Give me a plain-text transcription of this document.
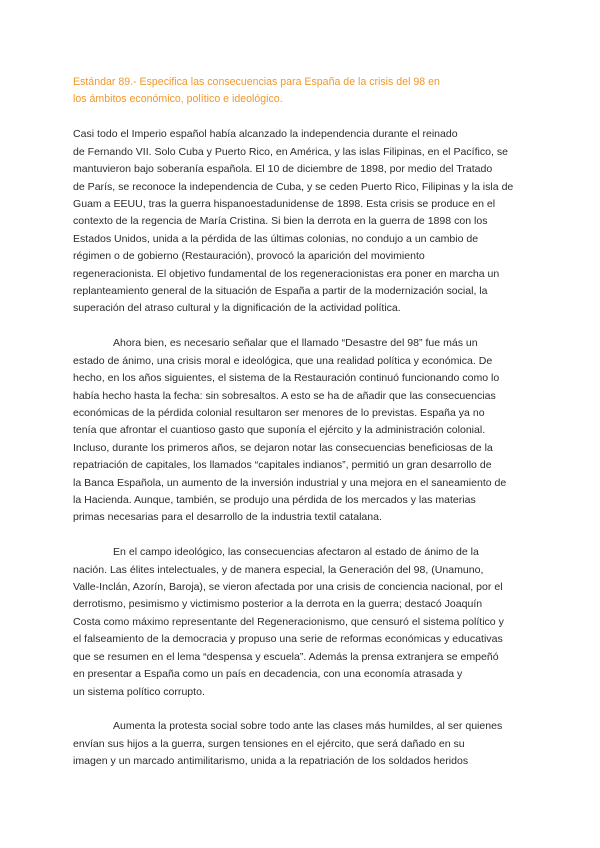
Estándar 89.- Especifica las consecuencias para España de la crisis del 98 en
los ámbitos económico, político e ideológico.
Casi todo el Imperio español había alcanzado la independencia durante el reinado
de Fernando VII. Solo Cuba y Puerto Rico, en América, y las islas Filipinas, en el Pacífico, se
mantuvieron bajo soberanía española. El 10 de diciembre de 1898, por medio del Tratado
de París, se reconoce la independencia de Cuba, y se ceden Puerto Rico, Filipinas y la isla de
Guam a EEUU, tras la guerra hispanoestadunidense de 1898. Esta crisis se produce en el
contexto de la regencia de María Cristina. Si bien la derrota en la guerra de 1898 con los
Estados Unidos, unida a la pérdida de las últimas colonias, no condujo a un cambio de
régimen o de gobierno (Restauración), provocó la aparición del movimiento
regeneracionista. El objetivo fundamental de los regeneracionistas era poner en marcha un
replanteamiento general de la situación de España a partir de la modernización social, la
superación del atraso cultural y la dignificación de la actividad política.
Ahora bien, es necesario señalar que el llamado “Desastre del 98” fue más un
estado de ánimo, una crisis moral e ideológica, que una realidad política y económica. De
hecho, en los años siguientes, el sistema de la Restauración continuó funcionando como lo
había hecho hasta la fecha: sin sobresaltos. A esto se ha de añadir que las consecuencias
económicas de la pérdida colonial resultaron ser menores de lo previstas. España ya no
tenía que afrontar el cuantioso gasto que suponía el ejército y la administración colonial.
Incluso, durante los primeros años, se dejaron notar las consecuencias beneficiosas de la
repatriación de capitales, los llamados “capitales indianos”, permitió un gran desarrollo de
la Banca Española, un aumento de la inversión industrial y una mejora en el saneamiento de
la Hacienda. Aunque, también, se produjo una pérdida de los mercados y las materias
primas necesarias para el desarrollo de la industria textil catalana.
En el campo ideológico, las consecuencias afectaron al estado de ánimo de la
nación. Las élites intelectuales, y de manera especial, la Generación del 98, (Unamuno,
Valle-Inclán, Azorín, Baroja), se vieron afectada por una crisis de conciencia nacional, por el
derrotismo, pesimismo y victimismo posterior a la derrota en la guerra; destacó Joaquín
Costa como máximo representante del Regeneracionismo, que censuró el sistema político y
el falseamiento de la democracia y propuso una serie de reformas económicas y educativas
que se resumen en el lema “despensa y escuela”. Además la prensa extranjera se empeñó
en presentar a España como un país en decadencia, con una economía atrasada y
un sistema político corrupto.
Aumenta la protesta social sobre todo ante las clases más humildes, al ser quienes
envían sus hijos a la guerra, surgen tensiones en el ejército, que será dañado en su
imagen y un marcado antimilitarismo, unida a la repatriación de los soldados heridos
